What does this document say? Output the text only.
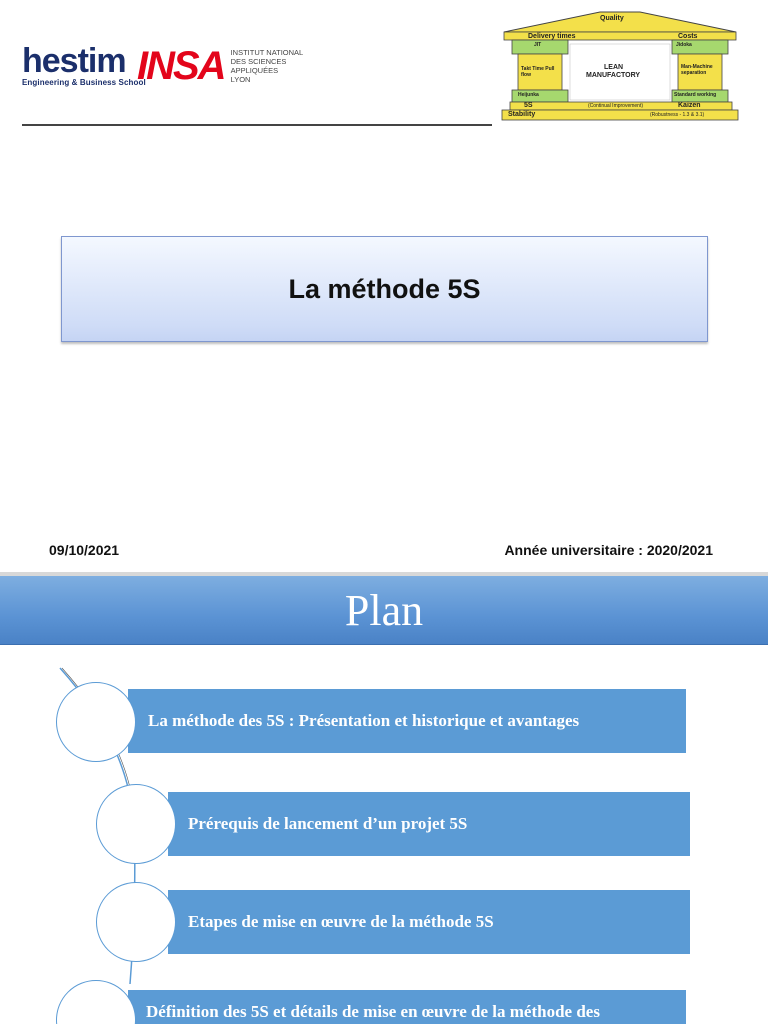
hestim
Engineering & Business School
INSA INSTITUT NATIONAL
DES SCIENCES
APPLIQUÉES
LYON
Quality
Delivery times	Costs
LEAN
MANUFACTORY
JIT
Takt Time Pull flow
Heijunka
Jidoka
Man-Machine separation
Standard working
5S	(Continual Improvement)	Kaizen
Stability	(Robustness - 1.3 & 3.1)
La méthode 5S
09/10/2021	Année universitaire : 2020/2021
Plan
La méthode des 5S : Présentation et historique et avantages
Prérequis de lancement d’un projet 5S
Etapes de mise en œuvre de la méthode 5S
Définition des 5S et détails de mise en œuvre de la méthode des
